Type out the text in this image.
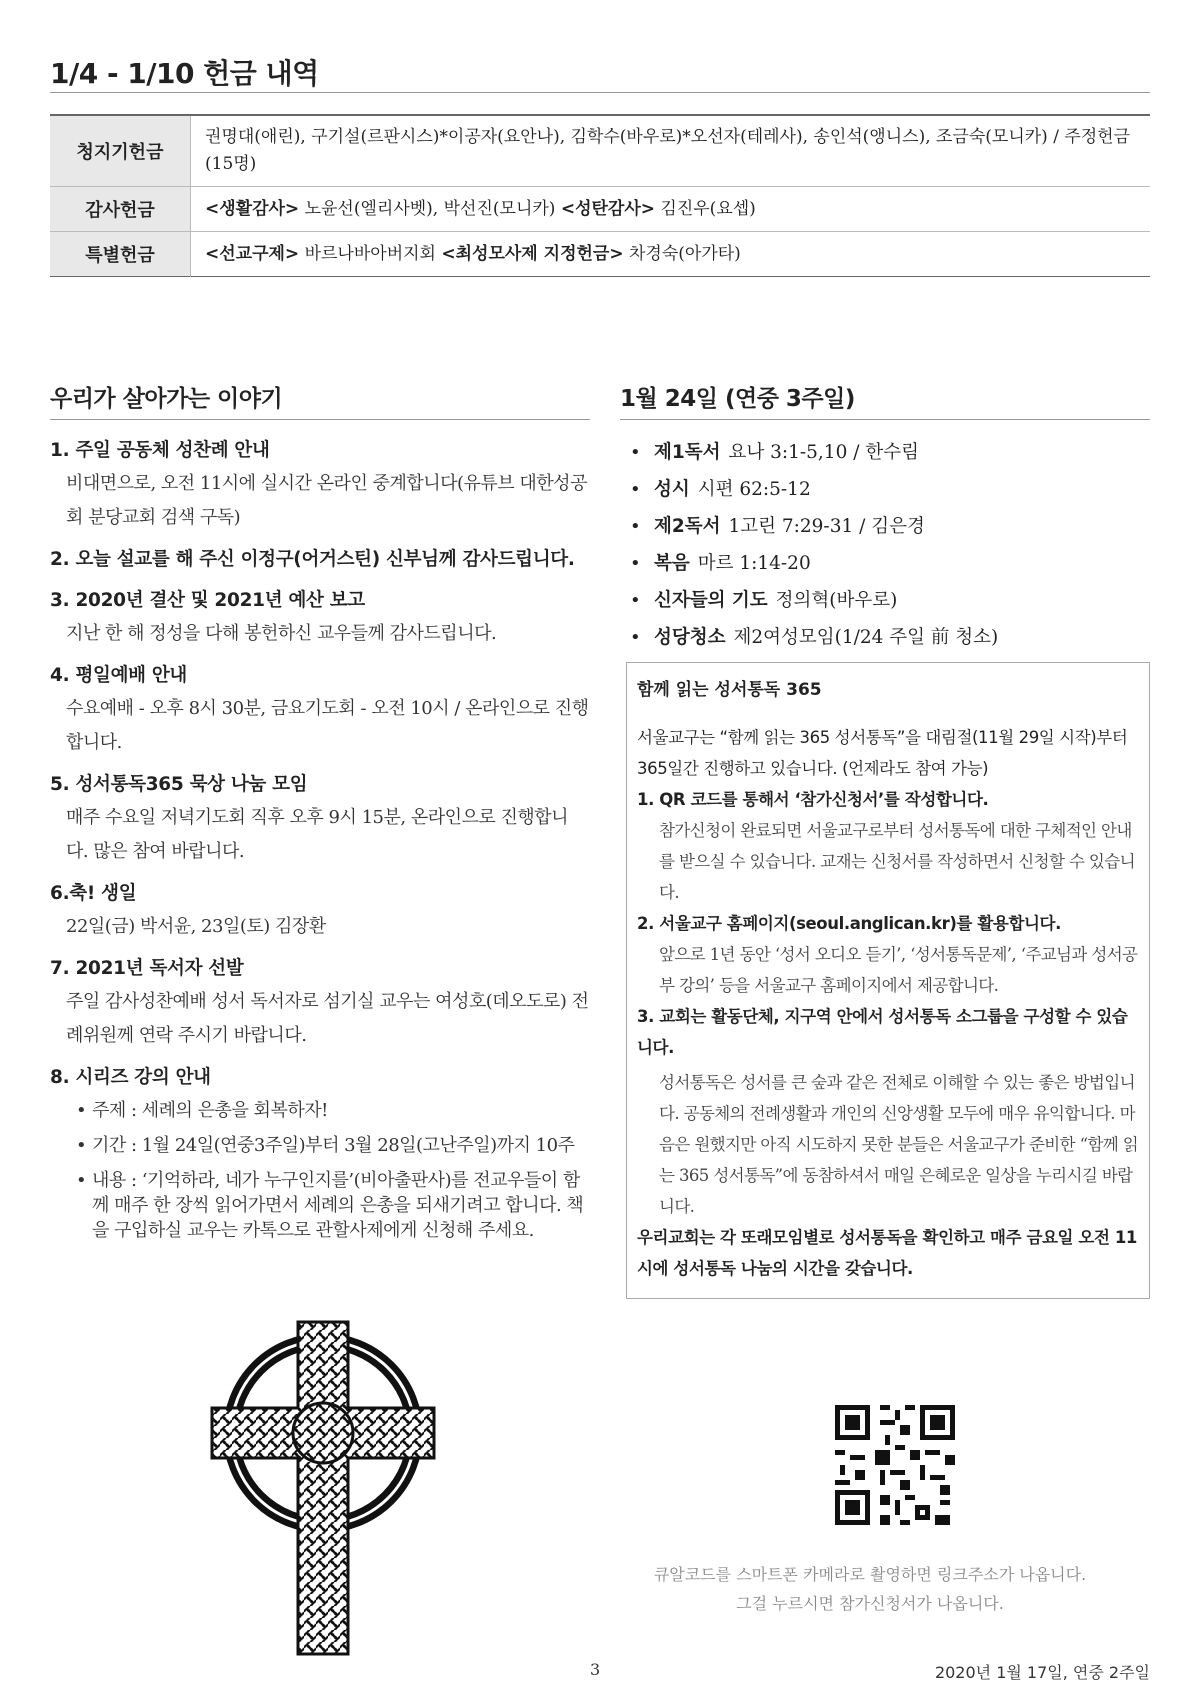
1/4 - 1/10 헌금 내역
청지기헌금	권명대(애린), 구기설(르판시스)*이공자(요안나), 김학수(바우로)*오선자(테레사), 송인석(앵니스), 조금숙(모니카) / 주정헌금(15명)
감사헌금	<생활감사> 노윤선(엘리사벳), 박선진(모니카) <성탄감사> 김진우(요셉)
특별헌금	<선교구제> 바르나바아버지회 <최성모사제 지정헌금> 차경숙(아가타)
우리가 살아가는 이야기
1. 주일 공동체 성찬례 안내
비대면으로, 오전 11시에 실시간 온라인 중계합니다(유튜브 대한성공회 분당교회 검색 구독)
2. 오늘 설교를 해 주신 이정구(어거스틴) 신부님께 감사드립니다.
3. 2020년 결산 및 2021년 예산 보고
지난 한 해 정성을 다해 봉헌하신 교우들께 감사드립니다.
4. 평일예배 안내
수요예배 - 오후 8시 30분, 금요기도회 - 오전 10시 / 온라인으로 진행합니다.
5. 성서통독365 묵상 나눔 모임
매주 수요일 저녁기도회 직후 오후 9시 15분, 온라인으로 진행합니다. 많은 참여 바랍니다.
6.축! 생일
22일(금) 박서윤, 23일(토) 김장환
7. 2021년 독서자 선발
주일 감사성찬예배 성서 독서자로 섬기실 교우는 여성호(데오도로) 전례위원께 연락 주시기 바랍니다.
8. 시리즈 강의 안내
• 주제 : 세례의 은총을 회복하자!
• 기간 : 1월 24일(연중3주일)부터 3월 28일(고난주일)까지 10주
• 내용 : ‘기억하라, 네가 누구인지를’(비아출판사)를 전교우들이 함께 매주 한 장씩 읽어가면서 세례의 은총을 되새기려고 합니다. 책을 구입하실 교우는 카톡으로 관할사제에게 신청해 주세요.
1월 24일 (연중 3주일)
• 제1독서 요나 3:1-5,10 / 한수림
• 성시 시편 62:5-12
• 제2독서 1고린 7:29-31 / 김은경
• 복음 마르 1:14-20
• 신자들의 기도 정의혁(바우로)
• 성당청소 제2여성모임(1/24 주일 前 청소)
함께 읽는 성서통독 365

서울교구는 “함께 읽는 365 성서통독”을 대림절(11월 29일 시작)부터 365일간 진행하고 있습니다. (언제라도 참여 가능)

1. QR 코드를 통해서 ‘참가신청서’를 작성합니다.

참가신청이 완료되면 서울교구로부터 성서통독에 대한 구체적인 안내를 받으실 수 있습니다. 교재는 신청서를 작성하면서 신청할 수 있습니다.

2. 서울교구 홈페이지(seoul.anglican.kr)를 활용합니다.

앞으로 1년 동안 ‘성서 오디오 듣기’, ‘성서통독문제’, ‘주교님과 성서공부 강의’ 등을 서울교구 홈페이지에서 제공합니다.

3. 교회는 활동단체, 지구역 안에서 성서통독 소그룹을 구성할 수 있습니다.

성서통독은 성서를 큰 숲과 같은 전체로 이해할 수 있는 좋은 방법입니다. 공동체의 전례생활과 개인의 신앙생활 모두에 매우 유익합니다. 마음은 원했지만 아직 시도하지 못한 분들은 서울교구가 준비한 “함께 읽는 365 성서통독”에 동참하셔서 매일 은혜로운 일상을 누리시길 바랍니다.

우리교회는 각 또래모임별로 성서통독을 확인하고 매주 금요일 오전 11시에 성서통독 나눔의 시간을 갖습니다.

큐알코드를 스마트폰 카메라로 촬영하면 링크주소가 나옵니다.
그걸 누르시면 참가신청서가 나옵니다.
3	2020년 1월 17일, 연중 2주일
